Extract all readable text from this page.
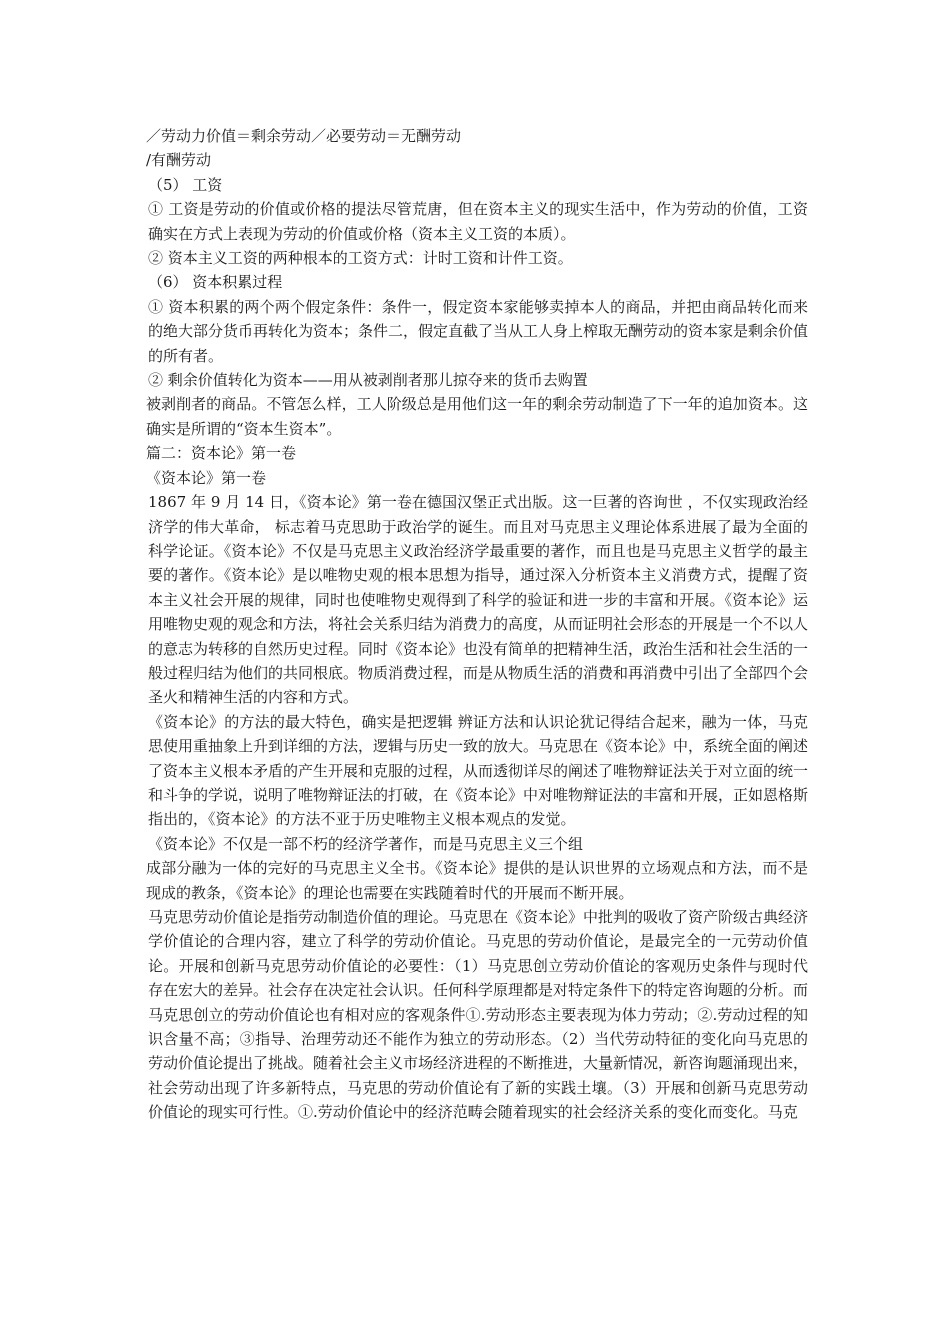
／劳动力价值＝剩余劳动／必要劳动＝无酬劳动

/有酬劳动

（5） 工资

① 工资是劳动的价值或价格的提法尽管荒唐，但在资本主义的现实生活中，作为劳动的价值，工资确实在方式上表现为劳动的价值或价格（资本主义工资的本质）。

② 资本主义工资的两种根本的工资方式：计时工资和计件工资。

（6） 资本积累过程

① 资本积累的两个两个假定条件：条件一，假定资本家能够卖掉本人的商品，并把由商品转化而来的绝大部分货币再转化为资本；条件二，假定直截了当从工人身上榨取无酬劳动的资本家是剩余价值的所有者。

② 剩余价值转化为资本——用从被剥削者那儿掠夺来的货币去购置

被剥削者的商品。不管怎么样，工人阶级总是用他们这一年的剩余劳动制造了下一年的追加资本。这确实是所谓的“资本生资本”。

篇二：资本论》第一卷

《资本论》第一卷

1867 年 9 月 14 日，《资本论》第一卷在德国汉堡正式出版。这一巨著的咨询世 ，不仅实现政治经济学的伟大革命， 标志着马克思助于政治学的诞生。而且对马克思主义理论体系进展了最为全面的科学论证。《资本论》不仅是马克思主义政治经济学最重要的著作，而且也是马克思主义哲学的最主要的著作。《资本论》是以唯物史观的根本思想为指导，通过深入分析资本主义消费方式，提醒了资本主义社会开展的规律，同时也使唯物史观得到了科学的验证和进一步的丰富和开展。《资本论》运用唯物史观的观念和方法，将社会关系归结为消费力的高度，从而证明社会形态的开展是一个不以人的意志为转移的自然历史过程。同时《资本论》也没有简单的把精神生活，政治生活和社会生活的一般过程归结为他们的共同根底。物质消费过程，而是从物质生活的消费和再消费中引出了全部四个会圣火和精神生活的内容和方式。

《资本论》的方法的最大特色，确实是把逻辑 辨证方法和认识论犹记得结合起来，融为一体，马克思使用重抽象上升到详细的方法，逻辑与历史一致的放大。马克思在《资本论》中，系统全面的阐述了资本主义根本矛盾的产生开展和克服的过程，从而透彻详尽的阐述了唯物辩证法关于对立面的统一和斗争的学说，说明了唯物辩证法的打破，在《资本论》中对唯物辩证法的丰富和开展，正如恩格斯指出的，《资本论》的方法不亚于历史唯物主义根本观点的发觉。

《资本论》不仅是一部不朽的经济学著作，而是马克思主义三个组

成部分融为一体的完好的马克思主义全书。《资本论》提供的是认识世界的立场观点和方法，而不是现成的教条，《资本论》的理论也需要在实践随着时代的开展而不断开展。

马克思劳动价值论是指劳动制造价值的理论。马克思在《资本论》中批判的吸收了资产阶级古典经济学价值论的合理内容，建立了科学的劳动价值论。马克思的劳动价值论，是最完全的一元劳动价值论。开展和创新马克思劳动价值论的必要性：（1）马克思创立劳动价值论的客观历史条件与现时代存在宏大的差异。社会存在决定社会认识。任何科学原理都是对特定条件下的特定咨询题的分析。而马克思创立的劳动价值论也有相对应的客观条件①.劳动形态主要表现为体力劳动；②.劳动过程的知识含量不高；③指导、治理劳动还不能作为独立的劳动形态。（2）当代劳动特征的变化向马克思的劳动价值论提出了挑战。随着社会主义市场经济进程的不断推进，大量新情况，新咨询题涌现出来，社会劳动出现了许多新特点，马克思的劳动价值论有了新的实践土壤。（3）开展和创新马克思劳动价值论的现实可行性。①.劳动价值论中的经济范畴会随着现实的社会经济关系的变化而变化。马克
